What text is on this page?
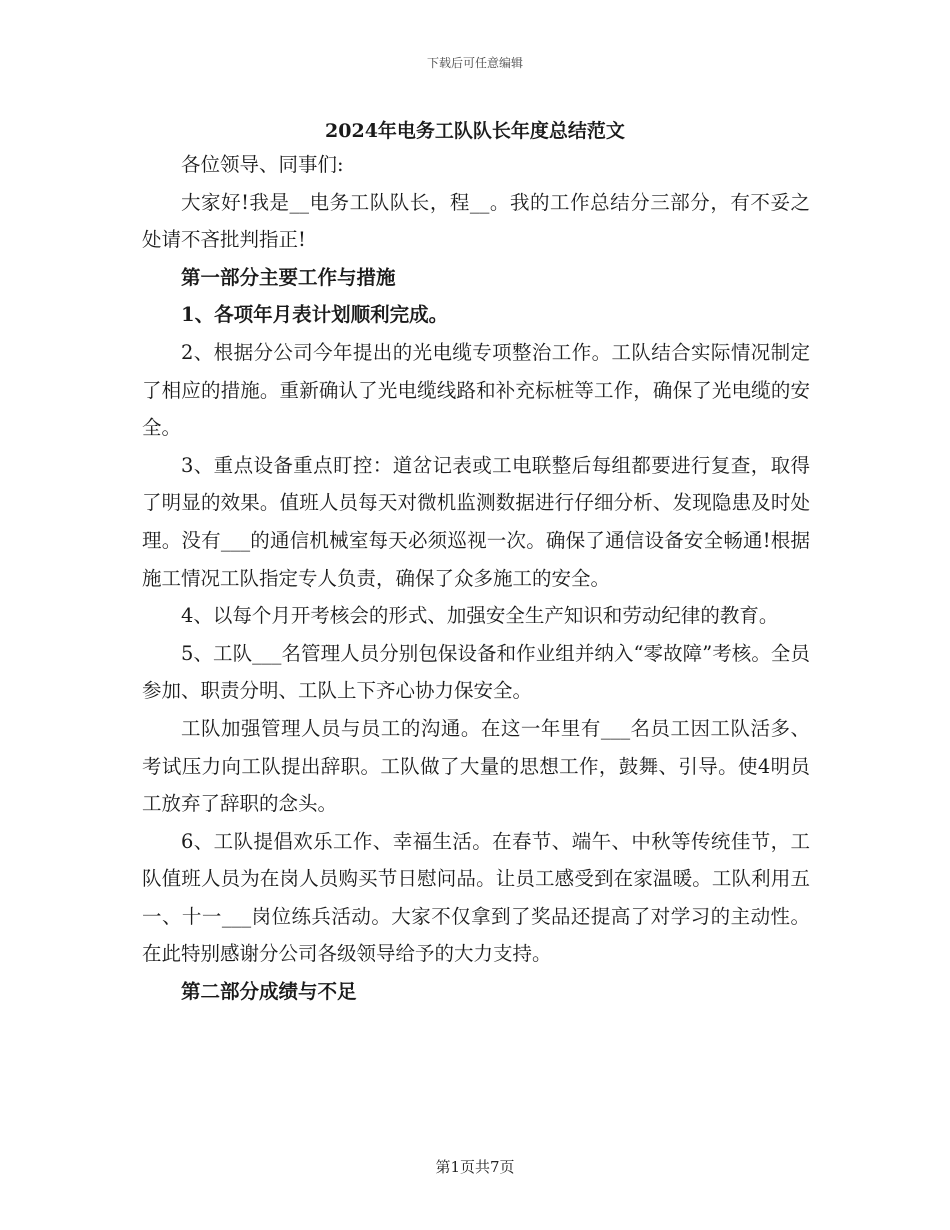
下载后可任意编辑
2024年电务工队队长年度总结范文

各位领导、同事们:

大家好!我是__电务工队队长，程__。我的工作总结分三部分，有不妥之处请不吝批判指正!

第一部分主要工作与措施

1、各项年月表计划顺利完成。

2、根据分公司今年提出的光电缆专项整治工作。工队结合实际情况制定了相应的措施。重新确认了光电缆线路和补充标桩等工作，确保了光电缆的安全。

3、重点设备重点盯控：道岔记表或工电联整后每组都要进行复查，取得了明显的效果。值班人员每天对微机监测数据进行仔细分析、发现隐患及时处理。没有___的通信机械室每天必须巡视一次。确保了通信设备安全畅通!根据施工情况工队指定专人负责，确保了众多施工的安全。

4、以每个月开考核会的形式、加强安全生产知识和劳动纪律的教育。

5、工队___名管理人员分别包保设备和作业组并纳入“零故障”考核。全员参加、职责分明、工队上下齐心协力保安全。

工队加强管理人员与员工的沟通。在这一年里有___名员工因工队活多、考试压力向工队提出辞职。工队做了大量的思想工作，鼓舞、引导。使4明员工放弃了辞职的念头。

6、工队提倡欢乐工作、幸福生活。在春节、端午、中秋等传统佳节，工队值班人员为在岗人员购买节日慰问品。让员工感受到在家温暖。工队利用五一、十一___岗位练兵活动。大家不仅拿到了奖品还提高了对学习的主动性。在此特别感谢分公司各级领导给予的大力支持。

第二部分成绩与不足

第1页共7页
